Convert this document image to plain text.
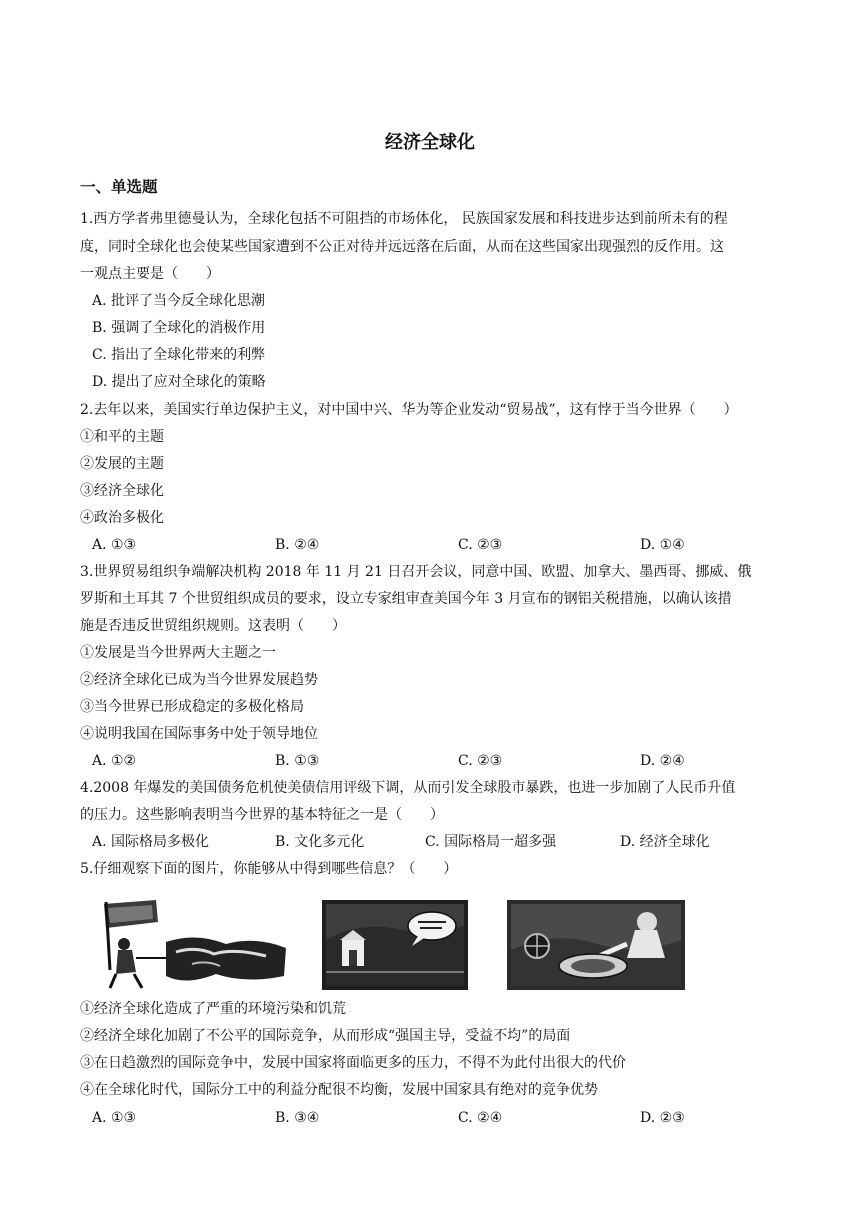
经济全球化
一、单选题
1.西方学者弗里德曼认为，全球化包括不可阻挡的市场体化， 民族国家发展和科技进步达到前所未有的程
度，同时全球化也会使某些国家遭到不公正对待并远远落在后面，从而在这些国家出现强烈的反作用。这
一观点主要是（　　）
A. 批评了当今反全球化思潮
B. 强调了全球化的消极作用
C. 指出了全球化带来的利弊
D. 提出了应对全球化的策略
2.去年以来，美国实行单边保护主义，对中国中兴、华为等企业发动“贸易战”，这有悖于当今世界（　　）
①和平的主题
②发展的主题
③经济全球化
④政治多极化
A. ①③	B. ②④	C. ②③	D. ①④
3.世界贸易组织争端解决机构 2018 年 11 月 21 日召开会议，同意中国、欧盟、加拿大、墨西哥、挪威、俄
罗斯和土耳其 7 个世贸组织成员的要求，设立专家组审查美国今年 3 月宣布的钢铝关税措施，以确认该措
施是否违反世贸组织规则。这表明（　　）
①发展是当今世界两大主题之一
②经济全球化已成为当今世界发展趋势
③当今世界已形成稳定的多极化格局
④说明我国在国际事务中处于领导地位
A. ①②	B. ①③	C. ②③	D. ②④
4.2008 年爆发的美国债务危机使美债信用评级下调，从而引发全球股市暴跌，也进一步加剧了人民币升值
的压力。这些影响表明当今世界的基本特征之一是（　　）
A. 国际格局多极化	B. 文化多元化	C. 国际格局一超多强	D. 经济全球化
5.仔细观察下面的图片，你能够从中得到哪些信息？（　　）
①经济全球化造成了严重的环境污染和饥荒
②经济全球化加剧了不公平的国际竞争，从而形成“强国主导，受益不均”的局面
③在日趋激烈的国际竞争中，发展中国家将面临更多的压力，不得不为此付出很大的代价
④在全球化时代，国际分工中的利益分配很不均衡，发展中国家具有绝对的竞争优势
A. ①③	B. ③④	C. ②④	D. ②③
